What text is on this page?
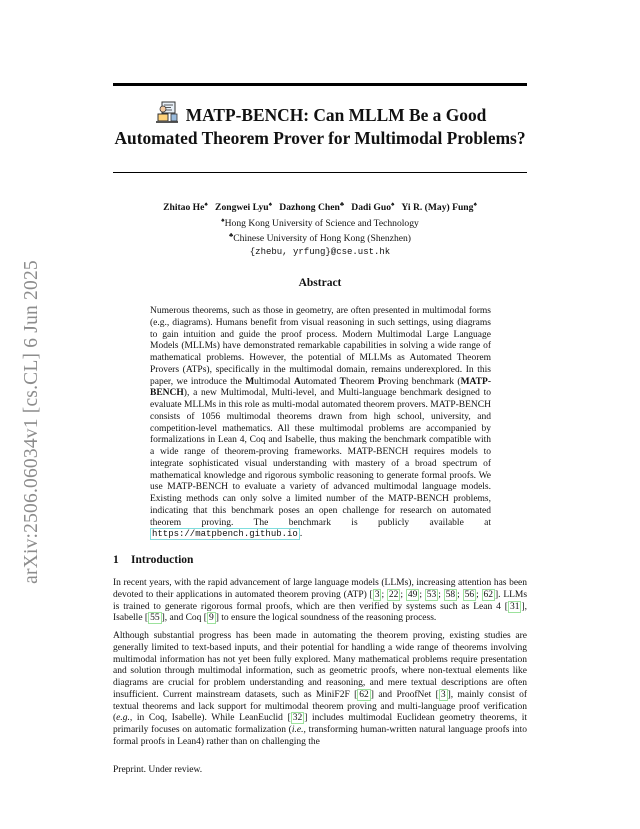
arXiv:2506.06034v1 [cs.CL] 6 Jun 2025
MATP-BENCH: Can MLLM Be a Good
Automated Theorem Prover for Multimodal Problems?
Zhitao He♠ Zongwei Lyu♠ Dazhong Chen♣ Dadi Guo♠ Yi R. (May) Fung♠
♠Hong Kong University of Science and Technology
♣Chinese University of Hong Kong (Shenzhen)
{zhebu, yrfung}@cse.ust.hk
Abstract
Numerous theorems, such as those in geometry, are often presented in multimodal forms (e.g., diagrams). Humans benefit from visual reasoning in such settings, using diagrams to gain intuition and guide the proof process. Modern Multimodal Large Language Models (MLLMs) have demonstrated remarkable capabilities in solving a wide range of mathematical problems. However, the potential of MLLMs as Automated Theorem Provers (ATPs), specifically in the multimodal domain, remains underexplored. In this paper, we introduce the Multimodal Automated Theorem Proving benchmark (MATP-BENCH), a new Multimodal, Multi-level, and Multi-language benchmark designed to evaluate MLLMs in this role as multi-modal automated theorem provers. MATP-BENCH consists of 1056 multimodal theorems drawn from high school, university, and competition-level mathematics. All these multimodal problems are accompanied by formalizations in Lean 4, Coq and Isabelle, thus making the benchmark compatible with a wide range of theorem-proving frameworks. MATP-BENCH requires models to integrate sophisticated visual understanding with mastery of a broad spectrum of mathematical knowledge and rigorous symbolic reasoning to generate formal proofs. We use MATP-BENCH to evaluate a variety of advanced multimodal language models. Existing methods can only solve a limited number of the MATP-BENCH problems, indicating that this benchmark poses an open challenge for research on automated theorem proving. The benchmark is publicly available at https://matpbench.github.io .
1 Introduction
In recent years, with the rapid advancement of large language models (LLMs), increasing attention has been devoted to their applications in automated theorem proving (ATP) [ 3 ; 22 ; 49 ; 53 ; 58 ; 56 ; 62 ]. LLMs is trained to generate rigorous formal proofs, which are then verified by systems such as Lean 4 [ 31 ], Isabelle [ 55 ], and Coq [ 9 ] to ensure the logical soundness of the reasoning process.
Although substantial progress has been made in automating the theorem proving, existing studies are generally limited to text-based inputs, and their potential for handling a wide range of theorems involving multimodal information has not yet been fully explored. Many mathematical problems require presentation and solution through multimodal information, such as geometric proofs, where non-textual elements like diagrams are crucial for problem understanding and reasoning, and mere textual descriptions are often insufficient. Current mainstream datasets, such as MiniF2F [ 62 ] and ProofNet [ 3 ], mainly consist of textual theorems and lack support for multimodal theorem proving and multi-language proof verification (e.g., in Coq, Isabelle). While LeanEuclid [ 32 ] includes multimodal Euclidean geometry theorems, it primarily focuses on automatic formalization (i.e., transforming human-written natural language proofs into formal proofs in Lean4) rather than on challenging the
Preprint. Under review.
